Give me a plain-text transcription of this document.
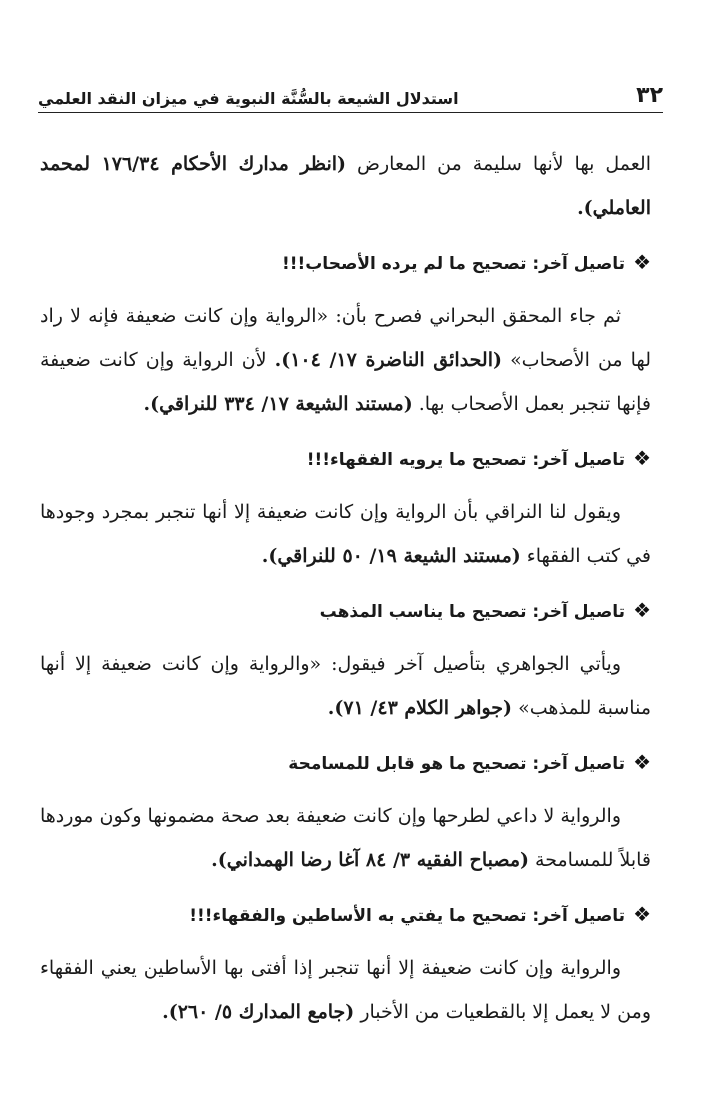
٣٢
استدلال الشيعة بالسُّنَّة النبوية في ميزان النقد العلمي

العمل بها لأنها سليمة من المعارض (انظر مدارك الأحكام ١٧٦/٣٤ لمحمد العاملي).

❖تاصيل آخر: تصحيح ما لم يرده الأصحاب!!!

ثم جاء المحقق البحراني فصرح بأن: «الرواية وإن كانت ضعيفة فإنه لا راد لها من الأصحاب» (الحدائق الناضرة ١٧/ ١٠٤). لأن الرواية وإن كانت ضعيفة فإنها تنجبر بعمل الأصحاب بها. (مستند الشيعة ١٧/ ٣٣٤ للنراقي).

❖تاصيل آخر: تصحيح ما يرويه الفقهاء!!!

ويقول لنا النراقي بأن الرواية وإن كانت ضعيفة إلا أنها تنجبر بمجرد وجودها في كتب الفقهاء (مستند الشيعة ١٩/ ٥٠ للنراقي).

❖تاصيل آخر: تصحيح ما يناسب المذهب

ويأتي الجواهري بتأصيل آخر فيقول: «والرواية وإن كانت ضعيفة إلا أنها مناسبة للمذهب» (جواهر الكلام ٤٣/ ٧١).

❖تاصيل آخر: تصحيح ما هو قابل للمسامحة

والرواية لا داعي لطرحها وإن كانت ضعيفة بعد صحة مضمونها وكون موردها قابلاً للمسامحة (مصباح الفقيه ٣/ ٨٤ آغا رضا الهمداني).

❖تاصيل آخر: تصحيح ما يفتي به الأساطين والفقهاء!!!

والرواية وإن كانت ضعيفة إلا أنها تنجبر إذا أفتى بها الأساطين يعني الفقهاء ومن لا يعمل إلا بالقطعيات من الأخبار (جامع المدارك ٥/ ٢٦٠).
